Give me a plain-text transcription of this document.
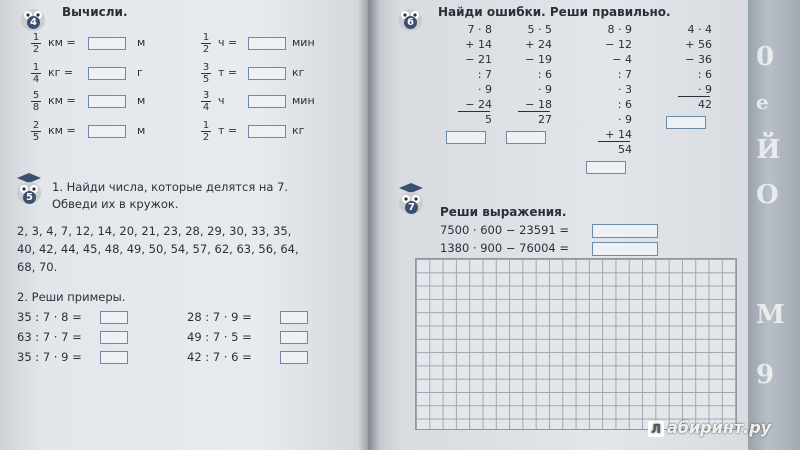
0
е
Й
О
М
9
4
Вычисли.
1
2
км =	м
1
4
кг =	г
5
8
км =	м
2
5
км =	м
1
2
ч =	мин
3
5
т =	кг
3
4
ч	мин
1
2
т =	кг
5
1. Найди числа, которые делятся на 7.
Обведи их в кружок.
2, 3, 4, 7, 12, 14, 20, 21, 23, 28, 29, 30, 33, 35,
40, 42, 44, 45, 48, 49, 50, 54, 57, 62, 63, 56, 64,
68, 70.
2. Реши примеры.
35 : 7 · 8 =	28 : 7 · 9 =
63 : 7 · 7 =	49 : 7 · 5 =
35 : 7 · 9 =	42 : 7 · 6 =
6
Найди ошибки. Реши правильно.
7 · 8
+ 14
− 21
: 7
· 9
− 24
5
5 · 5
+ 24
− 19
: 6
· 9
− 18
27
8 · 9
− 12
− 4
: 7
· 3
: 6
· 9
+ 14
54
4 · 4
+ 56
− 36
: 6
· 9
42
7 Реши выражения.
7500 · 600 − 23591 =
1380 · 900 − 76004 =
Л абиринт.ру
